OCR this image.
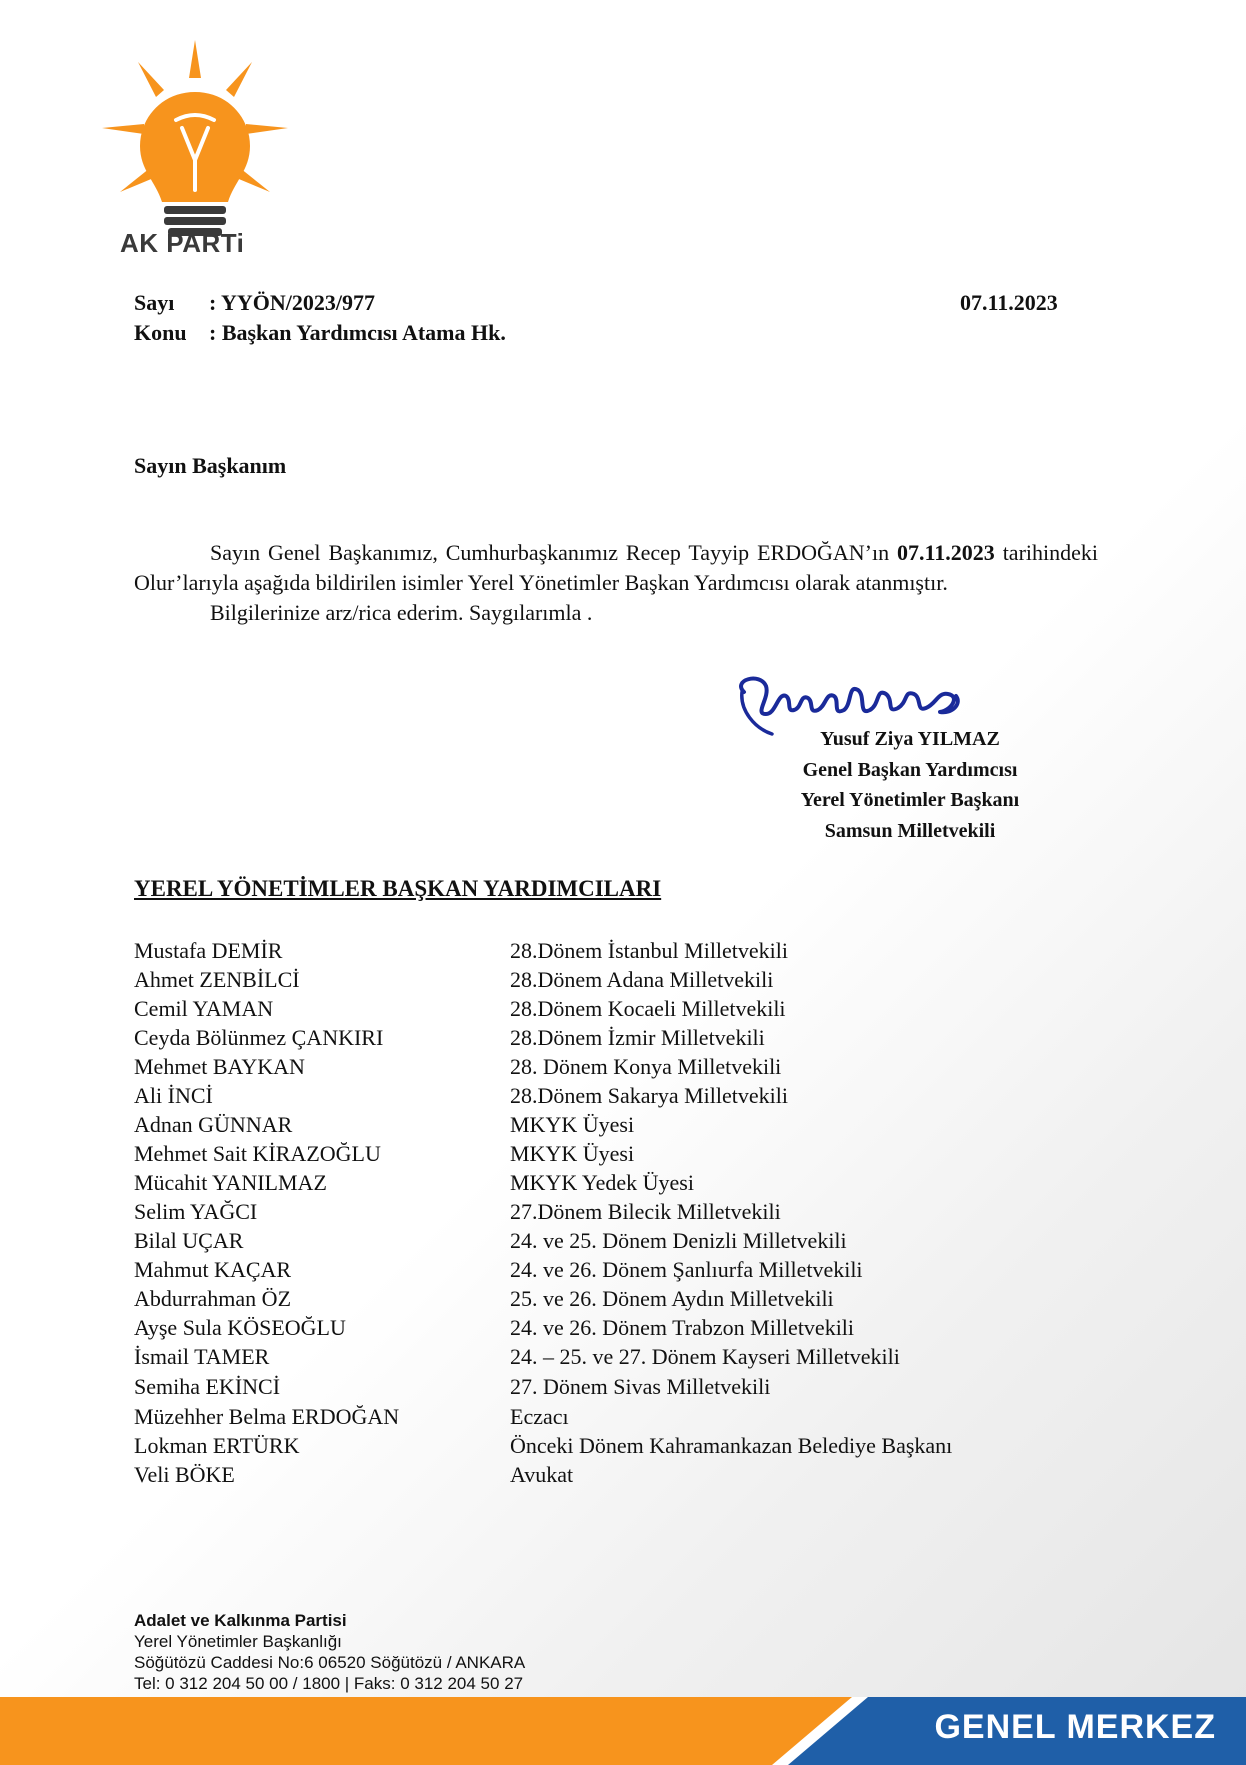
AK PARTi
Sayı : YYÖN/2023/977
Konu : Başkan Yardımcısı Atama Hk.
07.11.2023
Sayın Başkanım
Sayın Genel Başkanımız, Cumhurbaşkanımız Recep Tayyip ERDOĞAN’ın 07.11.2023 tarihindeki Olur’larıyla aşağıda bildirilen isimler Yerel Yönetimler Başkan Yardımcısı olarak atanmıştır.
Bilgilerinize arz/rica ederim. Saygılarımla .
Yusuf Ziya YILMAZ
Genel Başkan Yardımcısı
Yerel Yönetimler Başkanı
Samsun Milletvekili
YEREL YÖNETİMLER BAŞKAN YARDIMCILARI
Mustafa DEMİR	28.Dönem İstanbul Milletvekili
Ahmet ZENBİLCİ	28.Dönem Adana Milletvekili
Cemil YAMAN	28.Dönem Kocaeli Milletvekili
Ceyda Bölünmez ÇANKIRI	28.Dönem İzmir Milletvekili
Mehmet BAYKAN	28. Dönem Konya Milletvekili
Ali İNCİ	28.Dönem Sakarya Milletvekili
Adnan GÜNNAR	MKYK Üyesi
Mehmet Sait KİRAZOĞLU	MKYK Üyesi
Mücahit YANILMAZ	MKYK Yedek Üyesi
Selim YAĞCI	27.Dönem Bilecik Milletvekili
Bilal UÇAR	24. ve 25. Dönem Denizli Milletvekili
Mahmut KAÇAR	24. ve 26. Dönem Şanlıurfa Milletvekili
Abdurrahman ÖZ	25. ve 26. Dönem Aydın Milletvekili
Ayşe Sula KÖSEOĞLU	24. ve 26. Dönem Trabzon Milletvekili
İsmail TAMER	24. – 25. ve 27. Dönem Kayseri Milletvekili
Semiha EKİNCİ	27. Dönem Sivas Milletvekili
Müzehher Belma ERDOĞAN	Eczacı
Lokman ERTÜRK	Önceki Dönem Kahramankazan Belediye Başkanı
Veli BÖKE	Avukat
Adalet ve Kalkınma Partisi
Yerel Yönetimler Başkanlığı
Söğütözü Caddesi No:6 06520 Söğütözü / ANKARA
Tel: 0 312 204 50 00 / 1800 | Faks: 0 312 204 50 27
GENEL MERKEZ
